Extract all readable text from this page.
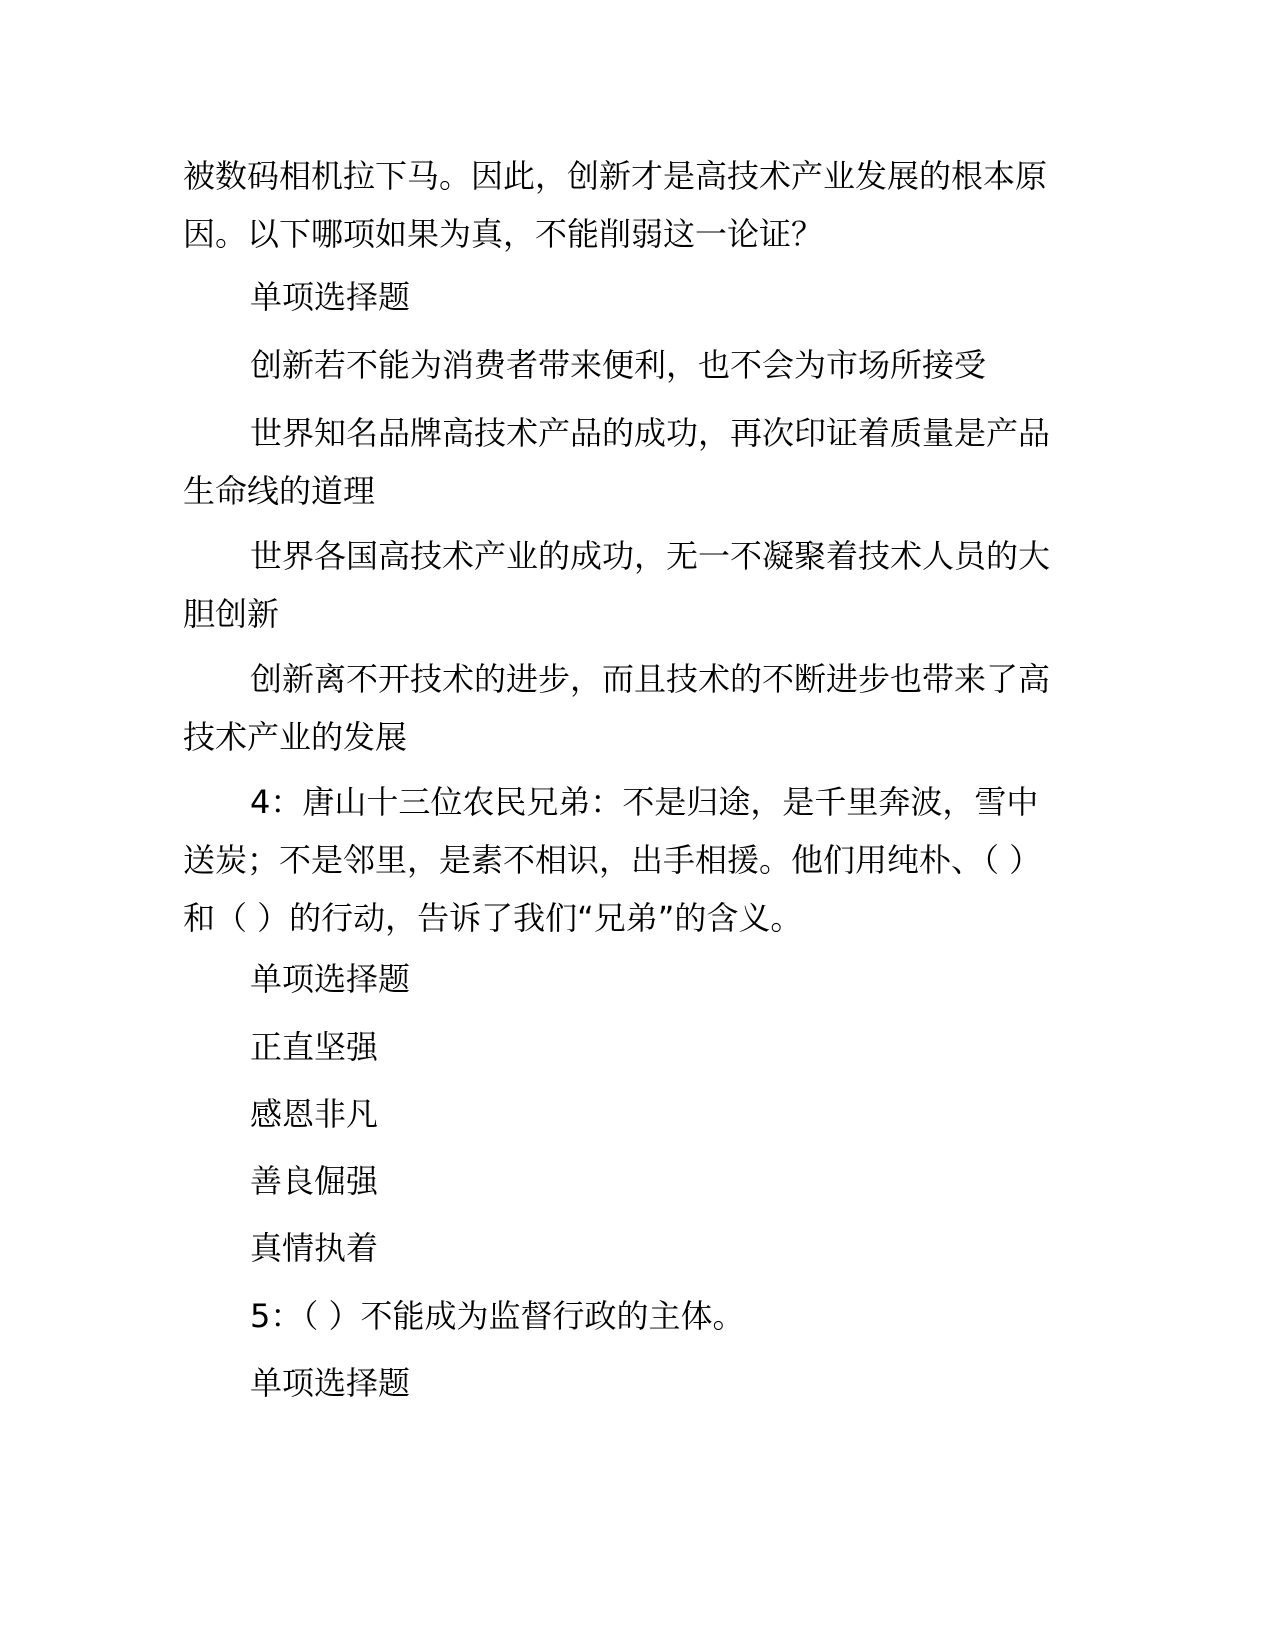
被数码相机拉下马。因此，创新才是高技术产业发展的根本原
因。以下哪项如果为真，不能削弱这一论证？

单项选择题

创新若不能为消费者带来便利，也不会为市场所接受

世界知名品牌高技术产品的成功，再次印证着质量是产品
生命线的道理

世界各国高技术产业的成功，无一不凝聚着技术人员的大
胆创新

创新离不开技术的进步，而且技术的不断进步也带来了高
技术产业的发展

4：唐山十三位农民兄弟：不是归途，是千里奔波，雪中
送炭；不是邻里，是素不相识，出手相援。他们用纯朴、（ ）
和（ ）的行动，告诉了我们“兄弟”的含义。

单项选择题

正直坚强

感恩非凡

善良倔强

真情执着

5：（ ）不能成为监督行政的主体。

单项选择题
